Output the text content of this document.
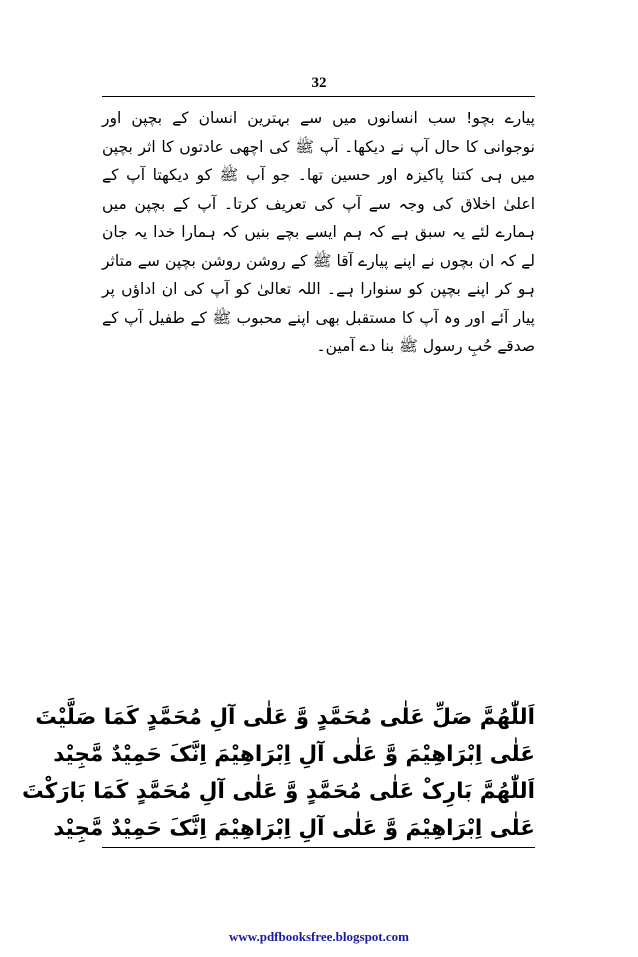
32

پیارے بچو! سب انسانوں میں سے بہترین انسان کے بچپن اور نوجوانی کا حال آپ نے دیکھا۔ آپ ﷺ کی اچھی عادتوں کا اثر بچپن میں ہی کتنا پاکیزہ اور حسین تھا۔ جو آپ ﷺ کو دیکھتا آپ کے اعلیٰ اخلاق کی وجہ سے آپ کی تعریف کرتا۔ آپ کے بچپن میں ہمارے لئے یہ سبق ہے کہ ہم ایسے بچے بنیں کہ ہمارا خدا یہ جان لے کہ ان بچوں نے اپنے پیارے آقا ﷺ کے روشن روشن بچپن سے متاثر ہو کر اپنے بچپن کو سنوارا ہے۔ اللہ تعالیٰ کو آپ کی ان اداؤں پر پیار آئے اور وہ آپ کا مستقبل بھی اپنے محبوب ﷺ کے طفیل آپ کے صدقے حُبِ رسول ﷺ بنا دے آمین۔

اَللّٰھُمَّ صَلِّ عَلٰی مُحَمَّدٍ وَّ عَلٰی آلِ مُحَمَّدٍ کَمَا صَلَّیْتَ
عَلٰی اِبْرَاھِیْمَ وَّ عَلٰی آلِ اِبْرَاھِیْمَ اِنَّکَ حَمِیْدٌ مَّجِیْد
اَللّٰھُمَّ بَارِکْ عَلٰی مُحَمَّدٍ وَّ عَلٰی آلِ مُحَمَّدٍ کَمَا بَارَکْتَ
عَلٰی اِبْرَاھِیْمَ وَّ عَلٰی آلِ اِبْرَاھِیْمَ اِنَّکَ حَمِیْدٌ مَّجِیْد
www.pdfbooksfree.blogspot.com
